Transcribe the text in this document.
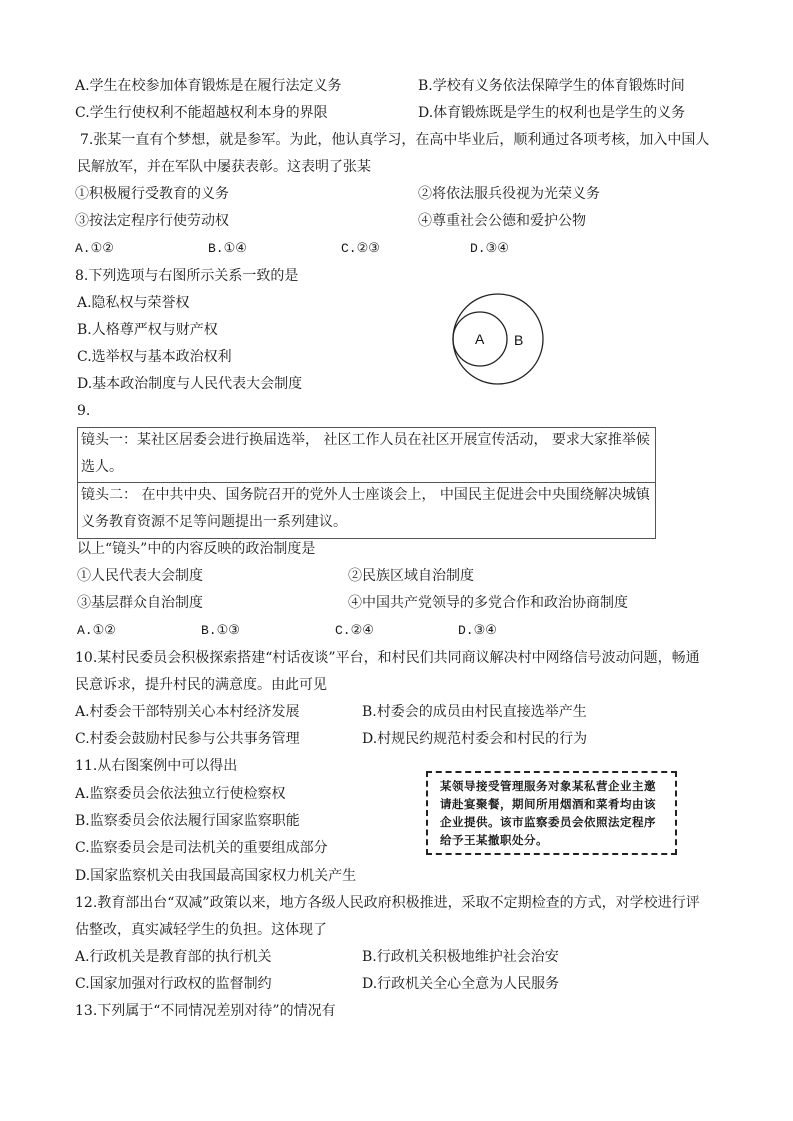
A.学生在校参加体育锻炼是在履行法定义务	B.学校有义务依法保障学生的体育锻炼时间
C.学生行使权利不能超越权利本身的界限	D.体育锻炼既是学生的权利也是学生的义务
7.张某一直有个梦想，就是参军。为此，他认真学习，在高中毕业后，顺利通过各项考核，加入中国人
民解放军，并在军队中屡获表彰。这表明了张某
①积极履行受教育的义务	②将依法服兵役视为光荣义务
③按法定程序行使劳动权	④尊重社会公德和爱护公物
A.①②	B.①④	C.②③	D.③④
8.下列选项与右图所示关系一致的是
A.隐私权与荣誉权
B.人格尊严权与财产权
C.选举权与基本政治权利
D.基本政治制度与人民代表大会制度
A B
9.
镜头一：某社区居委会进行换届选举， 社区工作人员在社区开展宣传活动， 要求大家推举候
选人。
镜头二： 在中共中央、国务院召开的党外人士座谈会上， 中国民主促进会中央围绕解决城镇
义务教育资源不足等问题提出一系列建议。
以上“镜头”中的内容反映的政治制度是
①人民代表大会制度	②民族区域自治制度
③基层群众自治制度	④中国共产党领导的多党合作和政治协商制度
A.①②	B.①③	C.②④	D.③④
10.某村民委员会积极探索搭建“村话夜谈”平台，和村民们共同商议解决村中网络信号波动问题，畅通
民意诉求，提升村民的满意度。由此可见
A.村委会干部特别关心本村经济发展	B.村委会的成员由村民直接选举产生
C.村委会鼓励村民参与公共事务管理	D.村规民约规范村委会和村民的行为
11.从右图案例中可以得出
A.监察委员会依法独立行使检察权
B.监察委员会依法履行国家监察职能
C.监察委员会是司法机关的重要组成部分
D.国家监察机关由我国最高国家权力机关产生
某领导接受管理服务对象某私营企业主邀
请赴宴聚餐，期间所用烟酒和菜肴均由该
企业提供。该市监察委员会依照法定程序
给予王某撤职处分。
12.教育部出台“双减”政策以来，地方各级人民政府积极推进，采取不定期检查的方式，对学校进行评
估整改，真实减轻学生的负担。这体现了
A.行政机关是教育部的执行机关	B.行政机关积极地维护社会治安
C.国家加强对行政权的监督制约	D.行政机关全心全意为人民服务
13.下列属于“不同情况差别对待”的情况有
